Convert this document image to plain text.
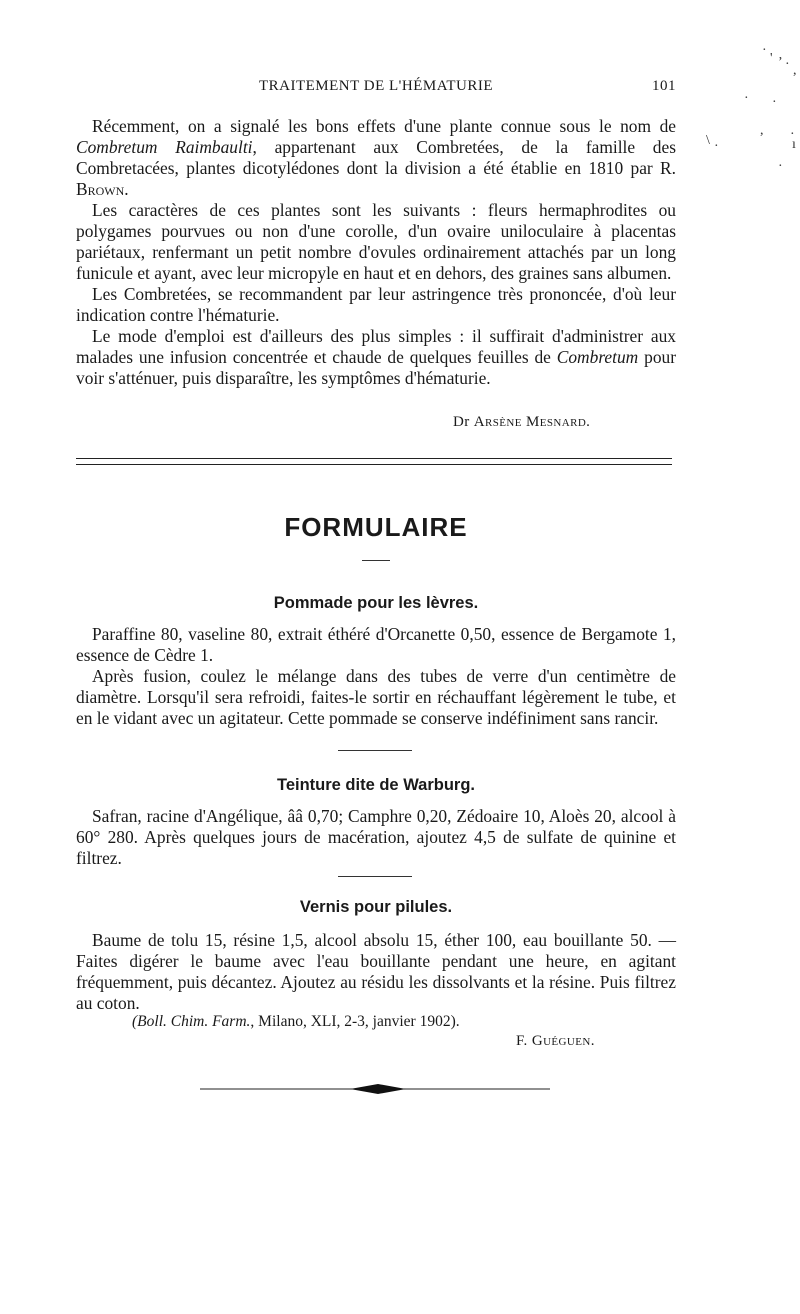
TRAITEMENT DE L'HÉMATURIE	101
·
' ʼ · ,
· ·
, ·
\ ·	ı
·

Récemment, on a signalé les bons effets d'une plante connue sous le nom de Combretum Raimbaulti, appartenant aux Combretées, de la famille des Combretacées, plantes dicotylédones dont la division a été établie en 1810 par R. Brown.

Les caractères de ces plantes sont les suivants : fleurs hermaphrodites ou polygames pourvues ou non d'une corolle, d'un ovaire uniloculaire à placentas pariétaux, renfermant un petit nombre d'ovules ordinairement attachés par un long funicule et ayant, avec leur micropyle en haut et en dehors, des graines sans albumen.

Les Combretées, se recommandent par leur astringence très prononcée, d'où leur indication contre l'hématurie.

Le mode d'emploi est d'ailleurs des plus simples : il suffirait d'administrer aux malades une infusion concentrée et chaude de quelques feuilles de Combretum pour voir s'atténuer, puis disparaître, les symptômes d'hématurie.

Dr Arsène Mesnard.
FORMULAIRE
Pommade pour les lèvres.

Paraffine 80, vaseline 80, extrait éthéré d'Orcanette 0,50, essence de Bergamote 1, essence de Cèdre 1.

Après fusion, coulez le mélange dans des tubes de verre d'un centimètre de diamètre. Lorsqu'il sera refroidi, faites-le sortir en réchauffant légèrement le tube, et en le vidant avec un agitateur. Cette pommade se conserve indéfiniment sans rancir.

Teinture dite de Warburg.

Safran, racine d'Angélique, ââ 0,70; Camphre 0,20, Zédoaire 10, Aloès 20, alcool à 60° 280. Après quelques jours de macération, ajoutez 4,5 de sulfate de quinine et filtrez.

Vernis pour pilules.

Baume de tolu 15, résine 1,5, alcool absolu 15, éther 100, eau bouillante 50. — Faites digérer le baume avec l'eau bouillante pendant une heure, en agitant fréquemment, puis décantez. Ajoutez au résidu les dissolvants et la résine. Puis filtrez au coton.

(Boll. Chim. Farm., Milano, XLI, 2-3, janvier 1902).
F. Guéguen.
